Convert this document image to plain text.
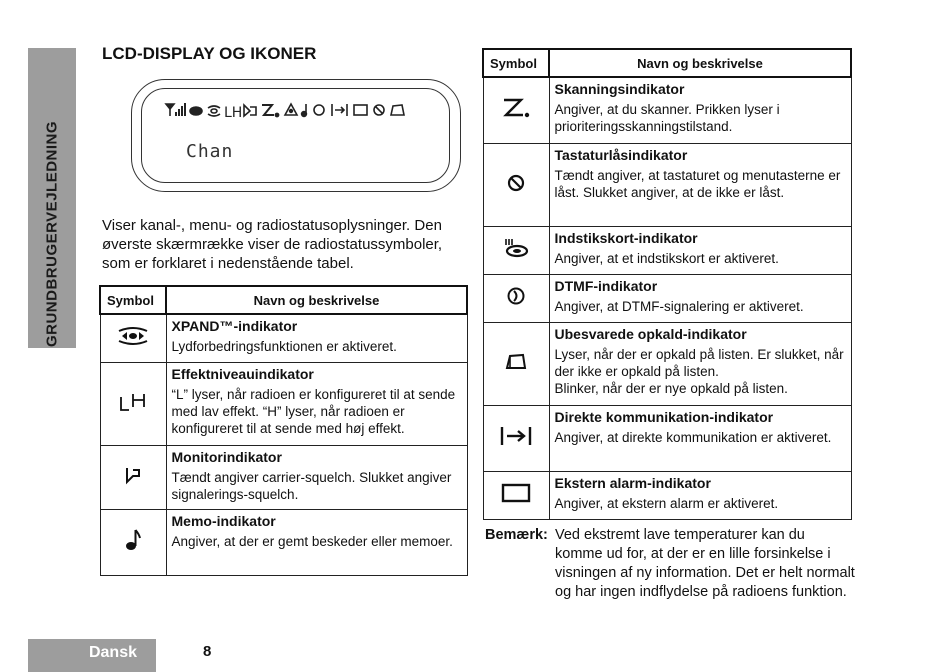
GRUNDBRUGERVEJLEDNING
LCD-DISPLAY OG IKONER
LH
Chan
Viser kanal-, menu- og radiostatusoplysninger. Den øverste skærmrække viser de radiostatussymboler, som er forklaret i nedenstående tabel.
Symbol	Navn og beskrivelse

XPAND™-indikator
Lydforbedringsfunktionen er aktiveret.

Effektniveauindikator
“L” lyser, når radioen er konfigureret til at sende med lav effekt. “H” lyser, når radioen er konfigureret til at sende med høj effekt.

Monitorindikator
Tændt angiver carrier-squelch. Slukket angiver signalerings-squelch.

Memo-indikator
Angiver, at der er gemt beskeder eller memoer.
Symbol	Navn og beskrivelse

Skanningsindikator
Angiver, at du skanner. Prikken lyser i prioriteringsskanningstilstand.

Tastaturlåsindikator
Tændt angiver, at tastaturet og menutasterne er låst. Slukket angiver, at de ikke er låst.

Indstikskort-indikator
Angiver, at et indstikskort er aktiveret.

DTMF-indikator
Angiver, at DTMF-signalering er aktiveret.

Ubesvarede opkald-indikator
Lyser, når der er opkald på listen. Er slukket, når der ikke er opkald på listen.
Blinker, når der er nye opkald på listen.

Direkte kommunikation-indikator
Angiver, at direkte kommunikation er aktiveret.

Ekstern alarm-indikator
Angiver, at ekstern alarm er aktiveret.
Bemærk: Ved ekstremt lave temperaturer kan du komme ud for, at der er en lille forsinkelse i visningen af ny information. Det er helt normalt og har ingen indflydelse på radioens funktion.
Dansk	8
